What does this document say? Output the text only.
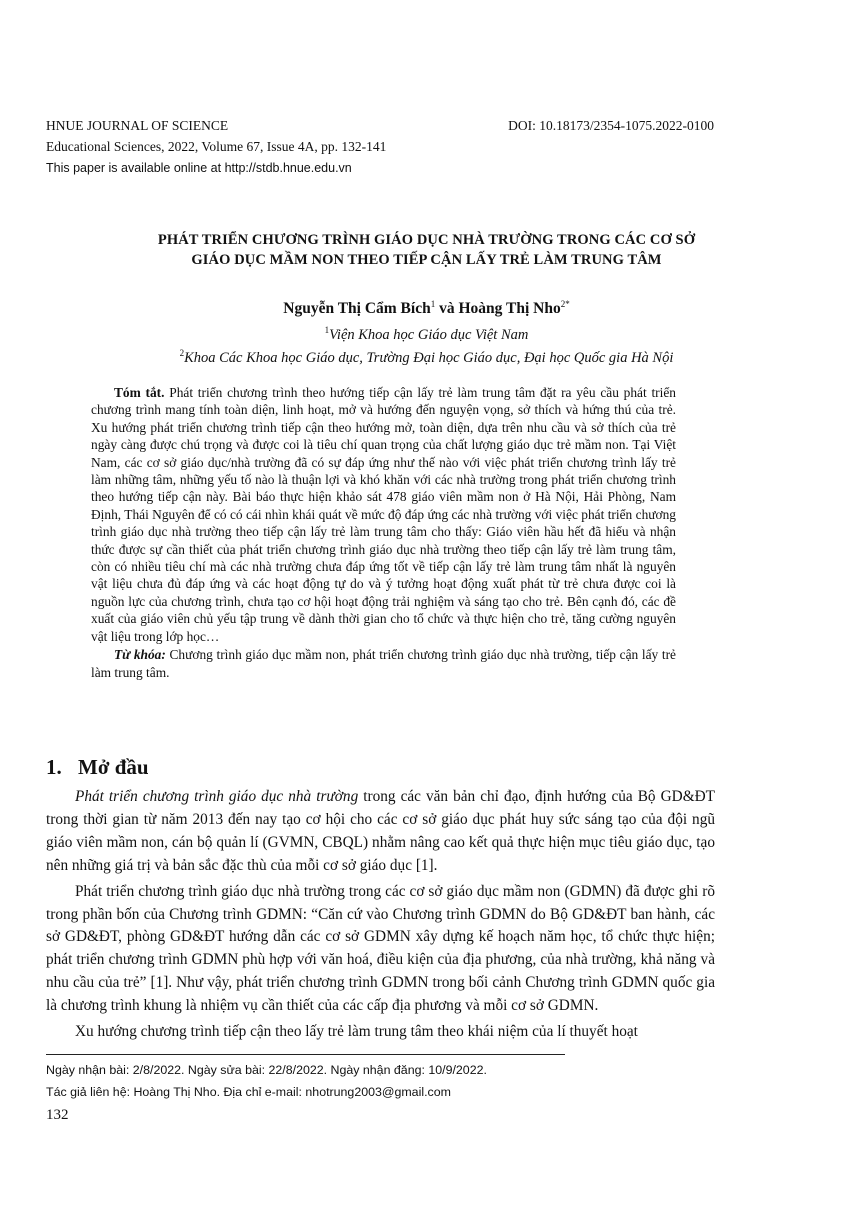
HNUE JOURNAL OF SCIENCE	DOI: 10.18173/2354-1075.2022-0100
Educational Sciences, 2022, Volume 67, Issue 4A, pp. 132-141
This paper is available online at http://stdb.hnue.edu.vn
PHÁT TRIỂN CHƯƠNG TRÌNH GIÁO DỤC NHÀ TRƯỜNG TRONG CÁC CƠ SỞ
GIÁO DỤC MẦM NON THEO TIẾP CẬN LẤY TRẺ LÀM TRUNG TÂM
Nguyễn Thị Cẩm Bích$^1$ và Hoàng Thị Nho$^{2*}$
$^1$Viện Khoa học Giáo dục Việt Nam
$^2$Khoa Các Khoa học Giáo dục, Trường Đại học Giáo dục, Đại học Quốc gia Hà Nội

Tóm tắt. Phát triển chương trình theo hướng tiếp cận lấy trẻ làm trung tâm đặt ra yêu cầu phát triển chương trình mang tính toàn diện, linh hoạt, mở và hướng đến nguyện vọng, sở thích và hứng thú của trẻ. Xu hướng phát triển chương trình tiếp cận theo hướng mở, toàn diện, dựa trên nhu cầu và sở thích của trẻ ngày càng được chú trọng và được coi là tiêu chí quan trọng của chất lượng giáo dục trẻ mầm non. Tại Việt Nam, các cơ sở giáo dục/nhà trường đã có sự đáp ứng như thế nào với việc phát triển chương trình lấy trẻ làm những tâm, những yếu tố nào là thuận lợi và khó khăn với các nhà trường trong phát triển chương trình theo hướng tiếp cận này. Bài báo thực hiện khảo sát 478 giáo viên mầm non ở Hà Nội, Hải Phòng, Nam Định, Thái Nguyên để có có cái nhìn khái quát về mức độ đáp ứng các nhà trường với việc phát triển chương trình giáo dục nhà trường theo tiếp cận lấy trẻ làm trung tâm cho thấy: Giáo viên hầu hết đã hiểu và nhận thức được sự cần thiết của phát triển chương trình giáo dục nhà trường theo tiếp cận lấy trẻ làm trung tâm, còn có nhiều tiêu chí mà các nhà trường chưa đáp ứng tốt về tiếp cận lấy trẻ làm trung tâm nhất là nguyên vật liệu chưa đủ đáp ứng và các hoạt động tự do và ý tưởng hoạt động xuất phát từ trẻ chưa được coi là nguồn lực của chương trình, chưa tạo cơ hội hoạt động trải nghiệm và sáng tạo cho trẻ. Bên cạnh đó, các đề xuất của giáo viên chủ yếu tập trung về dành thời gian cho tổ chức và thực hiện cho trẻ, tăng cường nguyên vật liệu trong lớp học…

Từ khóa: Chương trình giáo dục mầm non, phát triển chương trình giáo dục nhà trường, tiếp cận lấy trẻ làm trung tâm.

1. Mở đầu

Phát triển chương trình giáo dục nhà trường trong các văn bản chỉ đạo, định hướng của Bộ GD&ĐT trong thời gian từ năm 2013 đến nay tạo cơ hội cho các cơ sở giáo dục phát huy sức sáng tạo của đội ngũ giáo viên mầm non, cán bộ quản lí (GVMN, CBQL) nhằm nâng cao kết quả thực hiện mục tiêu giáo dục, tạo nên những giá trị và bản sắc đặc thù của mỗi cơ sở giáo dục [1].

Phát triển chương trình giáo dục nhà trường trong các cơ sở giáo dục mầm non (GDMN) đã được ghi rõ trong phần bốn của Chương trình GDMN: “Căn cứ vào Chương trình GDMN do Bộ GD&ĐT ban hành, các sở GD&ĐT, phòng GD&ĐT hướng dẫn các cơ sở GDMN xây dựng kế hoạch năm học, tổ chức thực hiện; phát triển chương trình GDMN phù hợp với văn hoá, điều kiện của địa phương, của nhà trường, khả năng và nhu cầu của trẻ” [1]. Như vậy, phát triển chương trình GDMN trong bối cảnh Chương trình GDMN quốc gia là chương trình khung là nhiệm vụ cần thiết của các cấp địa phương và mỗi cơ sở GDMN.

Xu hướng chương trình tiếp cận theo lấy trẻ làm trung tâm theo khái niệm của lí thuyết hoạt

Ngày nhận bài: 2/8/2022. Ngày sửa bài: 22/8/2022. Ngày nhận đăng: 10/9/2022.
Tác giả liên hệ: Hoàng Thị Nho. Địa chỉ e-mail: nhotrung2003@gmail.com
132
